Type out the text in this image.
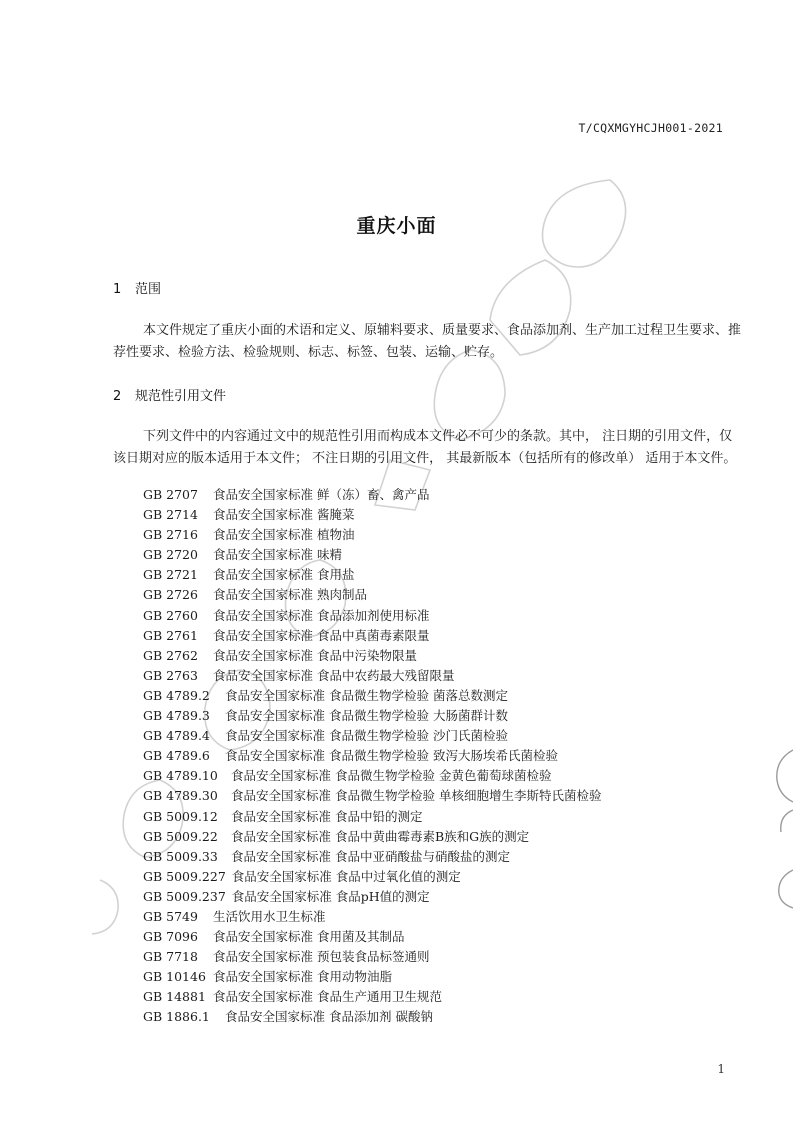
T/CQXMGYHCJH001-2021
重庆小面
1 范围
本文件规定了重庆小面的术语和定义、原辅料要求、质量要求、食品添加剂、生产加工过程卫生要求、推荐性要求、检验方法、检验规则、标志、标签、包装、运输、贮存。
2 规范性引用文件
下列文件中的内容通过文中的规范性引用而构成本文件必不可少的条款。其中， 注日期的引用文件，仅该日期对应的版本适用于本文件； 不注日期的引用文件， 其最新版本（包括所有的修改单） 适用于本文件。
GB 2707 食品安全国家标准 鲜（冻）畜、禽产品
GB 2714 食品安全国家标准 酱腌菜
GB 2716 食品安全国家标准 植物油
GB 2720 食品安全国家标准 味精
GB 2721 食品安全国家标准 食用盐
GB 2726 食品安全国家标准 熟肉制品
GB 2760 食品安全国家标准 食品添加剂使用标准
GB 2761 食品安全国家标准 食品中真菌毒素限量
GB 2762 食品安全国家标准 食品中污染物限量
GB 2763 食品安全国家标准 食品中农药最大残留限量
GB 4789.2 食品安全国家标准 食品微生物学检验 菌落总数测定
GB 4789.3 食品安全国家标准 食品微生物学检验 大肠菌群计数
GB 4789.4 食品安全国家标准 食品微生物学检验 沙门氏菌检验
GB 4789.6 食品安全国家标准 食品微生物学检验 致泻大肠埃希氏菌检验
GB 4789.10 食品安全国家标准 食品微生物学检验 金黄色葡萄球菌检验
GB 4789.30 食品安全国家标准 食品微生物学检验 单核细胞增生李斯特氏菌检验
GB 5009.12 食品安全国家标准 食品中铅的测定
GB 5009.22 食品安全国家标准 食品中黄曲霉毒素B族和G族的测定
GB 5009.33 食品安全国家标准 食品中亚硝酸盐与硝酸盐的测定
GB 5009.227 食品安全国家标准 食品中过氧化值的测定
GB 5009.237 食品安全国家标准 食品pH值的测定
GB 5749 生活饮用水卫生标准
GB 7096 食品安全国家标准 食用菌及其制品
GB 7718 食品安全国家标准 预包装食品标签通则
GB 10146 食品安全国家标准 食用动物油脂
GB 14881 食品安全国家标准 食品生产通用卫生规范
GB 1886.1 食品安全国家标准 食品添加剂 碳酸钠
1
